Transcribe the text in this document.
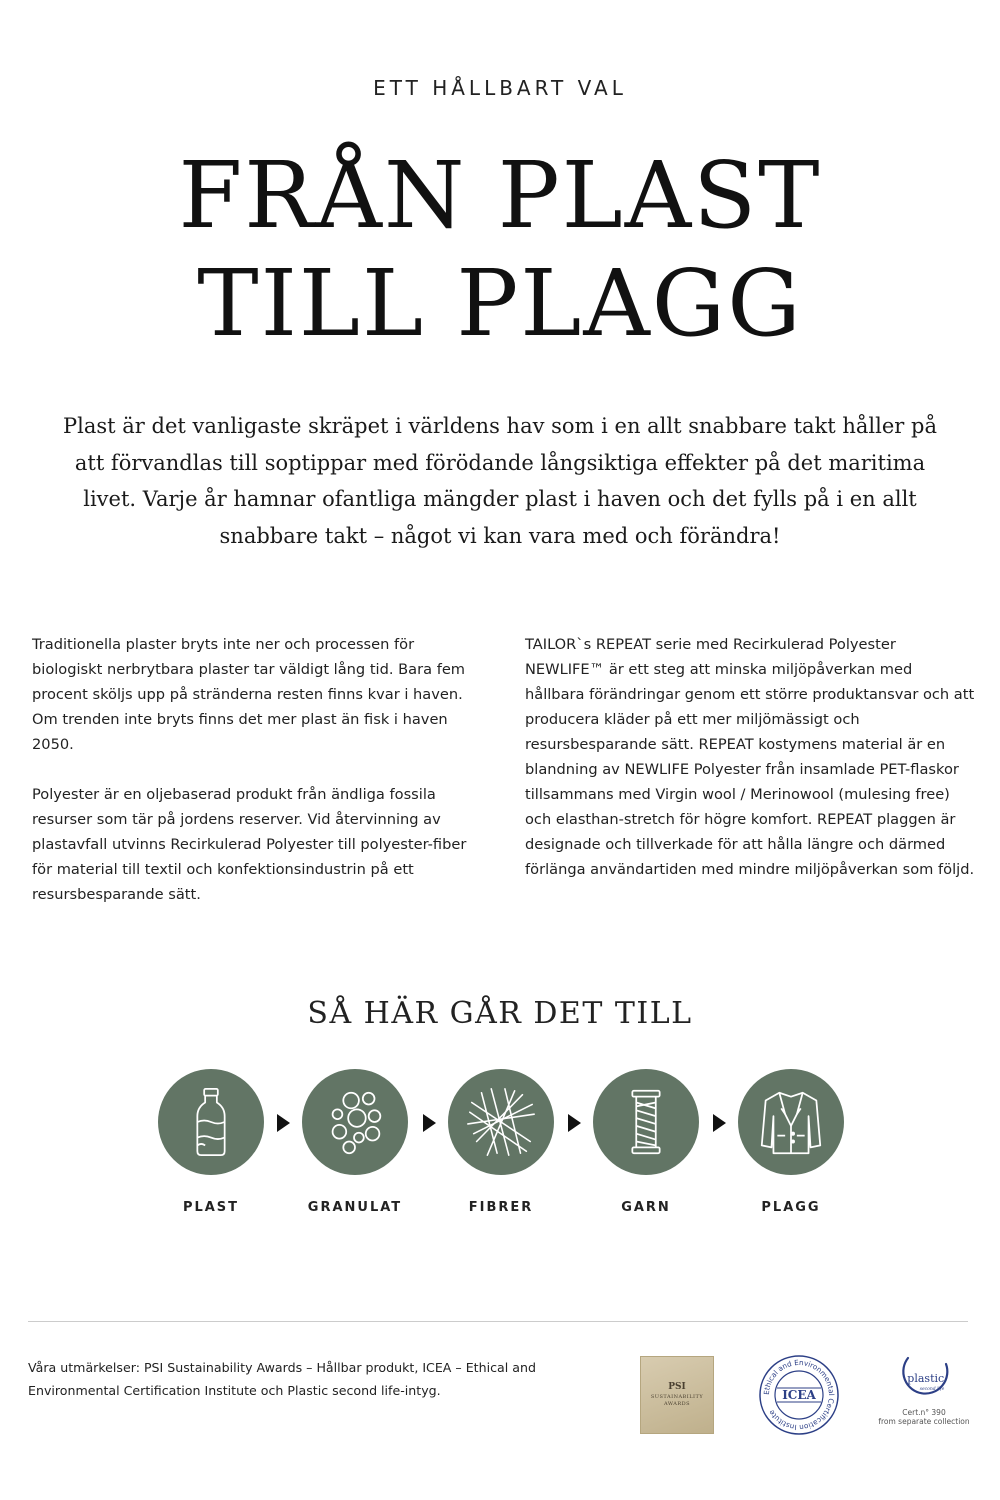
ETT HÅLLBART VAL
FRÅN PLAST
TILL PLAGG

Plast är det vanligaste skräpet i världens hav som i en allt snabbare takt håller på att förvandlas till soptippar med förödande långsiktiga effekter på det maritima livet. Varje år hamnar ofantliga mängder plast i haven och det fylls på i en allt snabbare takt – något vi kan vara med och förändra!

Traditionella plaster bryts inte ner och processen för biologiskt nerbrytbara plaster tar väldigt lång tid. Bara fem procent sköljs upp på stränderna resten finns kvar i haven. Om trenden inte bryts finns det mer plast än fisk i haven 2050.

Polyester är en oljebaserad produkt från ändliga fossila resurser som tär på jordens reserver. Vid återvinning av plastavfall utvinns Recirkulerad Polyester till polyester-fiber för material till textil och konfektionsindustrin på ett resursbesparande sätt.

TAILOR`s REPEAT serie med Recirkulerad Polyester NEWLIFE™ är ett steg att minska miljöpåverkan med hållbara förändringar genom ett större produktansvar och att producera kläder på ett mer miljömässigt och resursbesparande sätt. REPEAT kostymens material är en blandning av NEWLIFE Polyester från insamlade PET-flaskor tillsammans med Virgin wool / Merinowool (mulesing free) och elasthan-stretch för högre komfort. REPEAT plaggen är designade och tillverkade för att hålla längre och därmed förlänga användartiden med mindre miljöpåverkan som följd.

SÅ HÄR GÅR DET TILL
PLAST	GRANULAT	FIBRER	GARN	PLAGG
Våra utmärkelser: PSI Sustainability Awards – Hållbar produkt, ICEA – Ethical and Environmental Certification Institute och Plastic second life-intyg.	PSI
SUSTAINABILITY AWARDS
Ethical and Environmental Certification Institute
ICEA
.plastic
second life
Cert.n° 390
from separate collection
